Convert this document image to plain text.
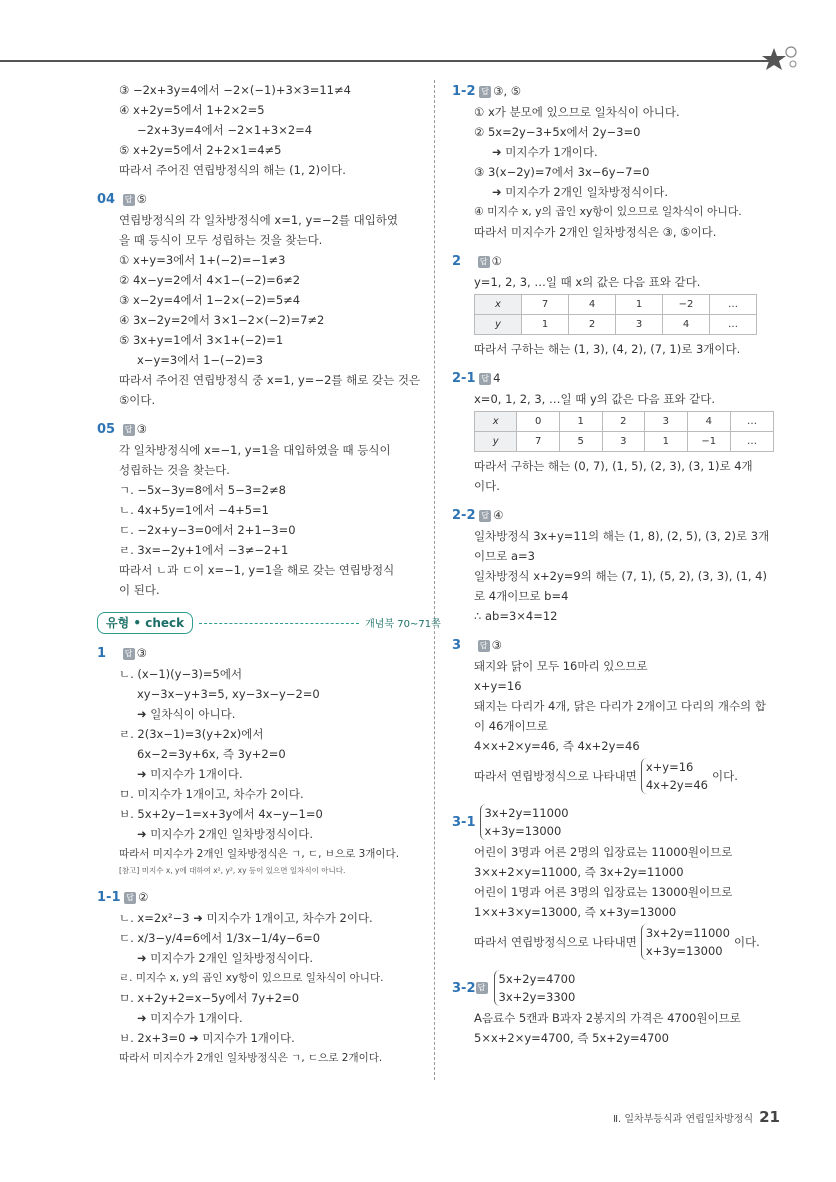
③ −2x+3y=4에서 −2×(−1)+3×3=11≠4
④ x+2y=5에서 1+2×2=5
−2x+3y=4에서 −2×1+3×2=4
⑤ x+2y=5에서 2+2×1=4≠5
따라서 주어진 연립방정식의 해는 (1, 2)이다.
04 답 ⑤
연립방정식의 각 일차방정식에 x=1, y=−2를 대입하였
을 때 등식이 모두 성립하는 것을 찾는다.
① x+y=3에서 1+(−2)=−1≠3
② 4x−y=2에서 4×1−(−2)=6≠2
③ x−2y=4에서 1−2×(−2)=5≠4
④ 3x−2y=2에서 3×1−2×(−2)=7≠2
⑤ 3x+y=1에서 3×1+(−2)=1
x−y=3에서 1−(−2)=3
따라서 주어진 연립방정식 중 x=1, y=−2를 해로 갖는 것은
⑤이다.
05 답 ③
각 일차방정식에 x=−1, y=1을 대입하였을 때 등식이
성립하는 것을 찾는다.
ㄱ. −5x−3y=8에서 5−3=2≠8
ㄴ. 4x+5y=1에서 −4+5=1
ㄷ. −2x+y−3=0에서 2+1−3=0
ㄹ. 3x=−2y+1에서 −3≠−2+1
따라서 ㄴ과 ㄷ이 x=−1, y=1을 해로 갖는 연립방정식
이 된다.
유형 • check	개념북 70~71쪽
1 답 ③
ㄴ. (x−1)(y−3)=5에서
xy−3x−y+3=5, xy−3x−y−2=0
➜ 일차식이 아니다.
ㄹ. 2(3x−1)=3(y+2x)에서
6x−2=3y+6x, 즉 3y+2=0
➜ 미지수가 1개이다.
ㅁ. 미지수가 1개이고, 차수가 2이다.
ㅂ. 5x+2y−1=x+3y에서 4x−y−1=0
➜ 미지수가 2개인 일차방정식이다.
따라서 미지수가 2개인 일차방정식은 ㄱ, ㄷ, ㅂ으로 3개이다.
[참고] 미지수 x, y에 대하여 x², y², xy 등이 있으면 일차식이 아니다.
1-1 답 ②
ㄴ. x=2x²−3 ➜ 미지수가 1개이고, 차수가 2이다.
ㄷ. x/3−y/4=6에서 1/3x−1/4y−6=0
➜ 미지수가 2개인 일차방정식이다.
ㄹ. 미지수 x, y의 곱인 xy항이 있으므로 일차식이 아니다.
ㅁ. x+2y+2=x−5y에서 7y+2=0
➜ 미지수가 1개이다.
ㅂ. 2x+3=0 ➜ 미지수가 1개이다.
따라서 미지수가 2개인 일차방정식은 ㄱ, ㄷ으로 2개이다.
1-2 답 ③, ⑤
① x가 분모에 있으므로 일차식이 아니다.
② 5x=2y−3+5x에서 2y−3=0
➜ 미지수가 1개이다.
③ 3(x−2y)=7에서 3x−6y−7=0
➜ 미지수가 2개인 일차방정식이다.
④ 미지수 x, y의 곱인 xy항이 있으므로 일차식이 아니다.
따라서 미지수가 2개인 일차방정식은 ③, ⑤이다.
2 답 ①
y=1, 2, 3, …일 때 x의 값은 다음 표와 같다.
x	7	4	1	−2	…
y	1	2	3	4	…
따라서 구하는 해는 (1, 3), (4, 2), (7, 1)로 3개이다.
2-1 답 4
x=0, 1, 2, 3, …일 때 y의 값은 다음 표와 같다.
x	0	1	2	3	4	…
y	7	5	3	1	−1	…
따라서 구하는 해는 (0, 7), (1, 5), (2, 3), (3, 1)로 4개
이다.
2-2 답 ④
일차방정식 3x+y=11의 해는 (1, 8), (2, 5), (3, 2)로 3개
이므로 a=3
일차방정식 x+2y=9의 해는 (7, 1), (5, 2), (3, 3), (1, 4)
로 4개이므로 b=4
∴ ab=3×4=12
3 답 ③
돼지와 닭이 모두 16마리 있으므로
x+y=16
돼지는 다리가 4개, 닭은 다리가 2개이고 다리의 개수의 합
이 46개이므로
4×x+2×y=46, 즉 4x+2y=46
따라서 연립방정식으로 나타내면
x+y=16
4x+2y=46
이다.
3-1
3x+2y=11000
x+3y=13000
어린이 3명과 어른 2명의 입장료는 11000원이므로
3×x+2×y=11000, 즉 3x+2y=11000
어린이 1명과 어른 3명의 입장료는 13000원이므로
1×x+3×y=13000, 즉 x+3y=13000
따라서 연립방정식으로 나타내면
3x+2y=11000
x+3y=13000
이다.
3-2 답
5x+2y=4700
3x+2y=3300
A음료수 5캔과 B과자 2봉지의 가격은 4700원이므로
5×x+2×y=4700, 즉 5x+2y=4700
Ⅱ. 일차부등식과 연립일차방정식 21
